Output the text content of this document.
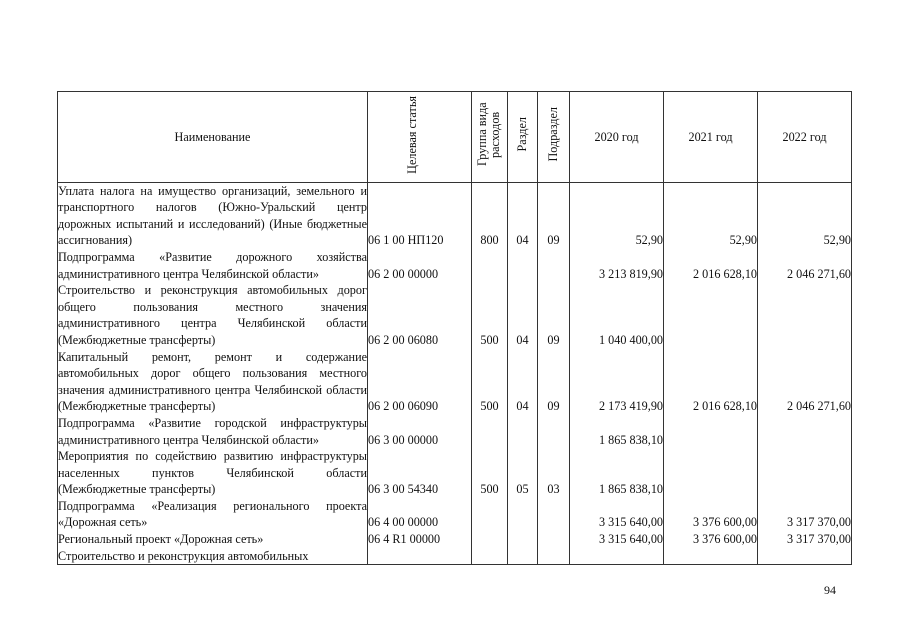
Наименование	Целевая статья	Группа вида расходов	Раздел	Подраздел	2020 год	2021 год	2022 год
Уплата налога на имущество организаций, земельного и транспортного налогов (Южно-Уральский центр дорожных испытаний и исследований) (Иные бюджетные ассигнования)	06 1 00 НП120	800	04	09	52,90	52,90	52,90
Подпрограмма «Развитие дорожного хозяйства административного центра Челябинской области»	06 2 00 00000				3 213 819,90	2 016 628,10	2 046 271,60
Строительство и реконструкция автомобильных дорог общего пользования местного значения административного центра Челябинской области (Межбюджетные трансферты)	06 2 00 06080	500	04	09	1 040 400,00		
Капитальный ремонт, ремонт и содержание автомобильных дорог общего пользования местного значения административного центра Челябинской области (Межбюджетные трансферты)	06 2 00 06090	500	04	09	2 173 419,90	2 016 628,10	2 046 271,60
Подпрограмма «Развитие городской инфраструктуры административного центра Челябинской области»	06 3 00 00000				1 865 838,10		
Мероприятия по содействию развитию инфраструктуры населенных пунктов Челябинской области (Межбюджетные трансферты)	06 3 00 54340	500	05	03	1 865 838,10		
Подпрограмма «Реализация регионального проекта «Дорожная сеть»	06 4 00 00000				3 315 640,00	3 376 600,00	3 317 370,00
Региональный проект «Дорожная сеть»	06 4 R1 00000				3 315 640,00	3 376 600,00	3 317 370,00
Строительство и реконструкция автомобильных							
94
